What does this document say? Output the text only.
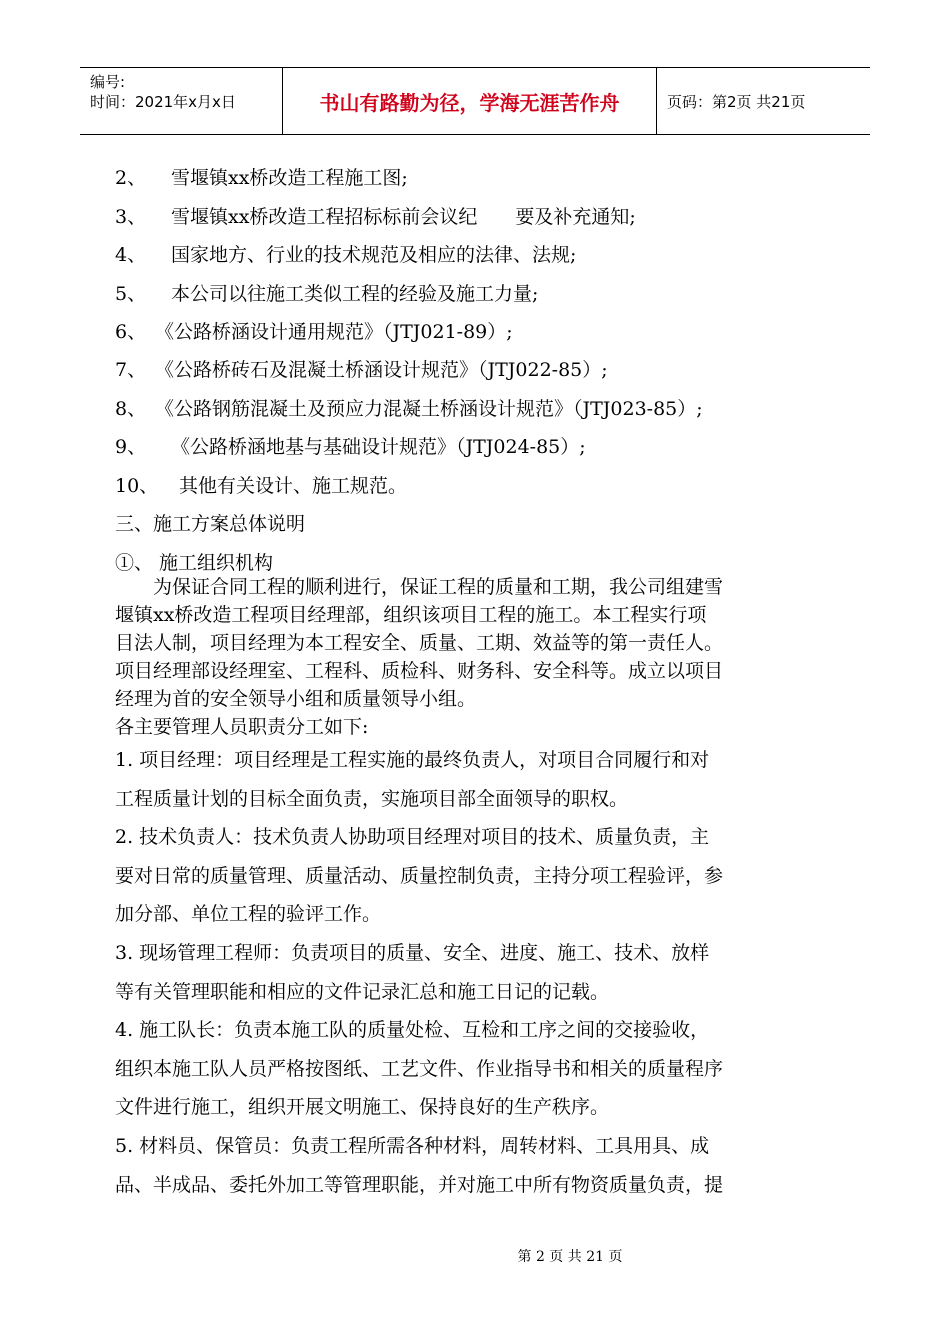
编号:
时间：2021年x月x日	书山有路勤为径，学海无涯苦作舟	页码：第2页 共21页
2、 雪堰镇xx桥改造工程施工图;
3、 雪堰镇xx桥改造工程招标标前会议纪　　要及补充通知;
4、 国家地方、行业的技术规范及相应的法律、法规;
5、 本公司以往施工类似工程的经验及施工力量;
6、 《公路桥涵设计通用规范》（JTJ021-89）;
7、 《公路桥砖石及混凝土桥涵设计规范》（JTJ022-85）;
8、 《公路钢筋混凝土及预应力混凝土桥涵设计规范》（JTJ023-85）;
9、 《公路桥涵地基与基础设计规范》（JTJ024-85）;
10、 其他有关设计、施工规范。
三、施工方案总体说明
①、 施工组织机构

为保证合同工程的顺利进行，保证工程的质量和工期，我公司组建雪

堰镇xx桥改造工程项目经理部，组织该项目工程的施工。本工程实行项

目法人制，项目经理为本工程安全、质量、工期、效益等的第一责任人。

项目经理部设经理室、工程科、质检科、财务科、安全科等。成立以项目

经理为首的安全领导小组和质量领导小组。

各主要管理人员职责分工如下:

1. 项目经理：项目经理是工程实施的最终负责人，对项目合同履行和对

工程质量计划的目标全面负责，实施项目部全面领导的职权。

2. 技术负责人：技术负责人协助项目经理对项目的技术、质量负责，主

要对日常的质量管理、质量活动、质量控制负责，主持分项工程验评，参

加分部、单位工程的验评工作。

3. 现场管理工程师：负责项目的质量、安全、进度、施工、技术、放样

等有关管理职能和相应的文件记录汇总和施工日记的记载。

4. 施工队长：负责本施工队的质量处检、互检和工序之间的交接验收，

组织本施工队人员严格按图纸、工艺文件、作业指导书和相关的质量程序

文件进行施工，组织开展文明施工、保持良好的生产秩序。

5. 材料员、保管员：负责工程所需各种材料，周转材料、工具用具、成

品、半成品、委托外加工等管理职能，并对施工中所有物资质量负责，提

第 2 页 共 21 页
